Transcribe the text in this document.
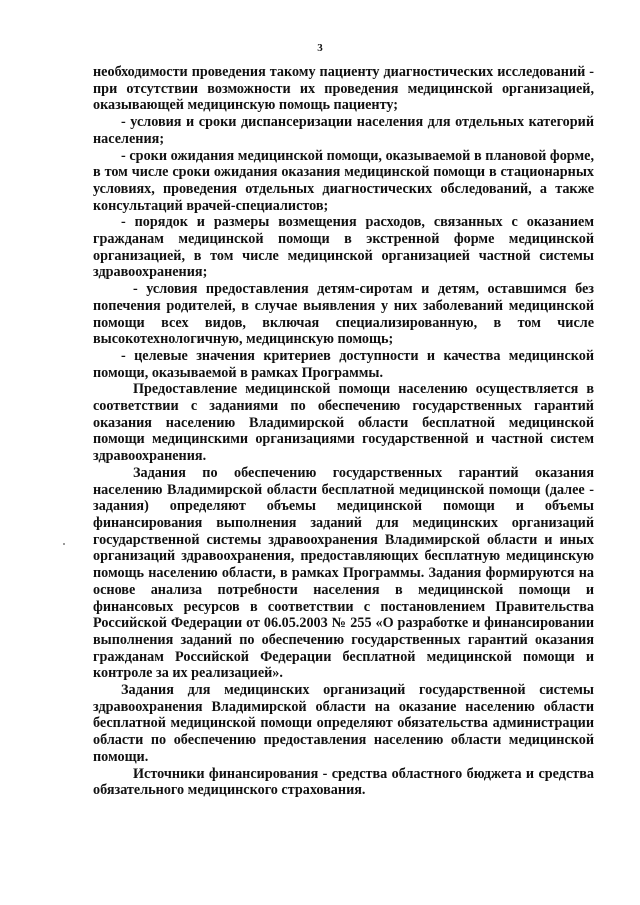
3

необходимости проведения такому пациенту диагностических исследований - при отсутствии возможности их проведения медицинской организацией, оказывающей медицинскую помощь пациенту;

- условия и сроки диспансеризации населения для отдельных категорий населения;

- сроки ожидания медицинской помощи, оказываемой в плановой форме, в том числе сроки ожидания оказания медицинской помощи в стационарных условиях, проведения отдельных диагностических обследований, а также консультаций врачей-специалистов;

- порядок и размеры возмещения расходов, связанных с оказанием гражданам медицинской помощи в экстренной форме медицинской организацией, в том числе медицинской организацией частной системы здравоохранения;

- условия предоставления детям-сиротам и детям, оставшимся без попечения родителей, в случае выявления у них заболеваний медицинской помощи всех видов, включая специализированную, в том числе высокотехнологичную, медицинскую помощь;

- целевые значения критериев доступности и качества медицинской помощи, оказываемой в рамках Программы.

Предоставление медицинской помощи населению осуществляется в соответствии с заданиями по обеспечению государственных гарантий оказания населению Владимирской области бесплатной медицинской помощи медицинскими организациями государственной и частной систем здравоохранения.

Задания по обеспечению государственных гарантий оказания населению Владимирской области бесплатной медицинской помощи (далее - задания) определяют объемы медицинской помощи и объемы финансирования выполнения заданий для медицинских организаций государственной системы здравоохранения Владимирской области и иных организаций здравоохранения, предоставляющих бесплатную медицинскую помощь населению области, в рамках Программы. Задания формируются на основе анализа потребности населения в медицинской помощи и финансовых ресурсов в соответствии с постановлением Правительства Российской Федерации от 06.05.2003 № 255 «О разработке и финансировании выполнения заданий по обеспечению государственных гарантий оказания гражданам Российской Федерации бесплатной медицинской помощи и контроле за их реализацией».

Задания для медицинских организаций государственной системы здравоохранения Владимирской области на оказание населению области бесплатной медицинской помощи определяют обязательства администрации области по обеспечению предоставления населению области медицинской помощи.

Источники финансирования - средства областного бюджета и средства обязательного медицинского страхования.
